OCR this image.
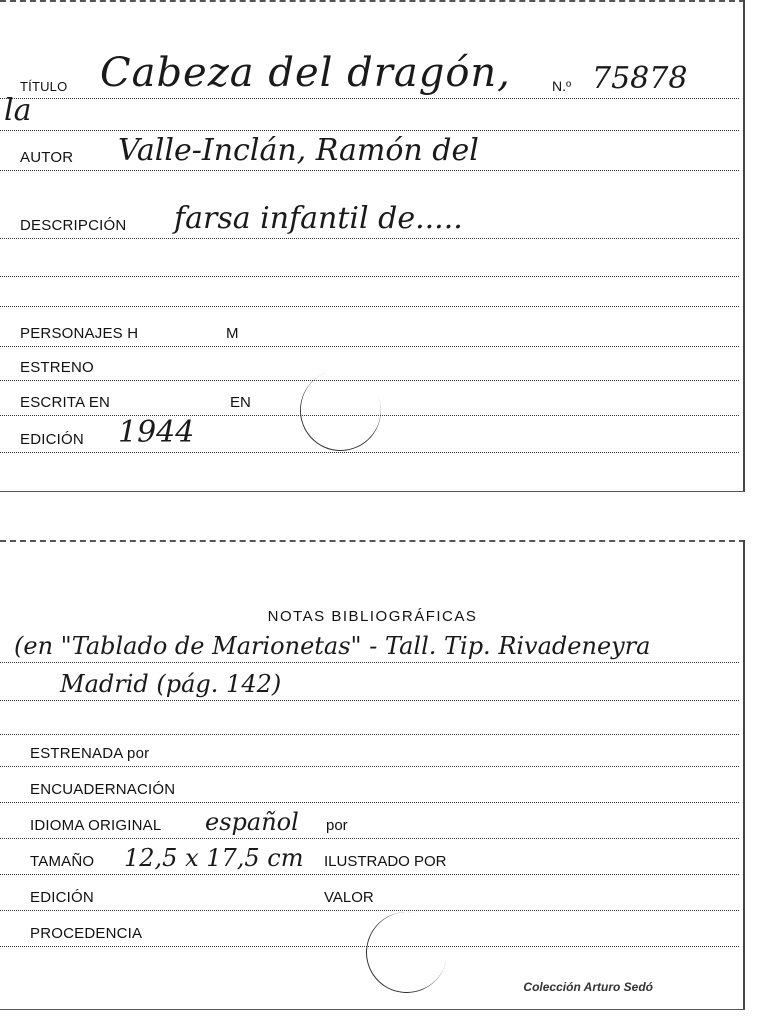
TÍTULO Cabeza del dragón,	N.º 75878
la
AUTOR Valle-Inclán, Ramón del
DESCRIPCIÓN farsa infantil de.....
PERSONAJES H	M
ESTRENO
ESCRITA EN	EN
EDICIÓN 1944
NOTAS BIBLIOGRÁFICAS
(en "Tablado de Marionetas" - Tall. Tip. Rivadeneyra
Madrid (pág. 142)
ESTRENADA por
ENCUADERNACIÓN
IDIOMA ORIGINAL español por
TAMAÑO 12,5 x 17,5 cm ILUSTRADO POR
EDICIÓN	VALOR
PROCEDENCIA
Colección Arturo Sedó
